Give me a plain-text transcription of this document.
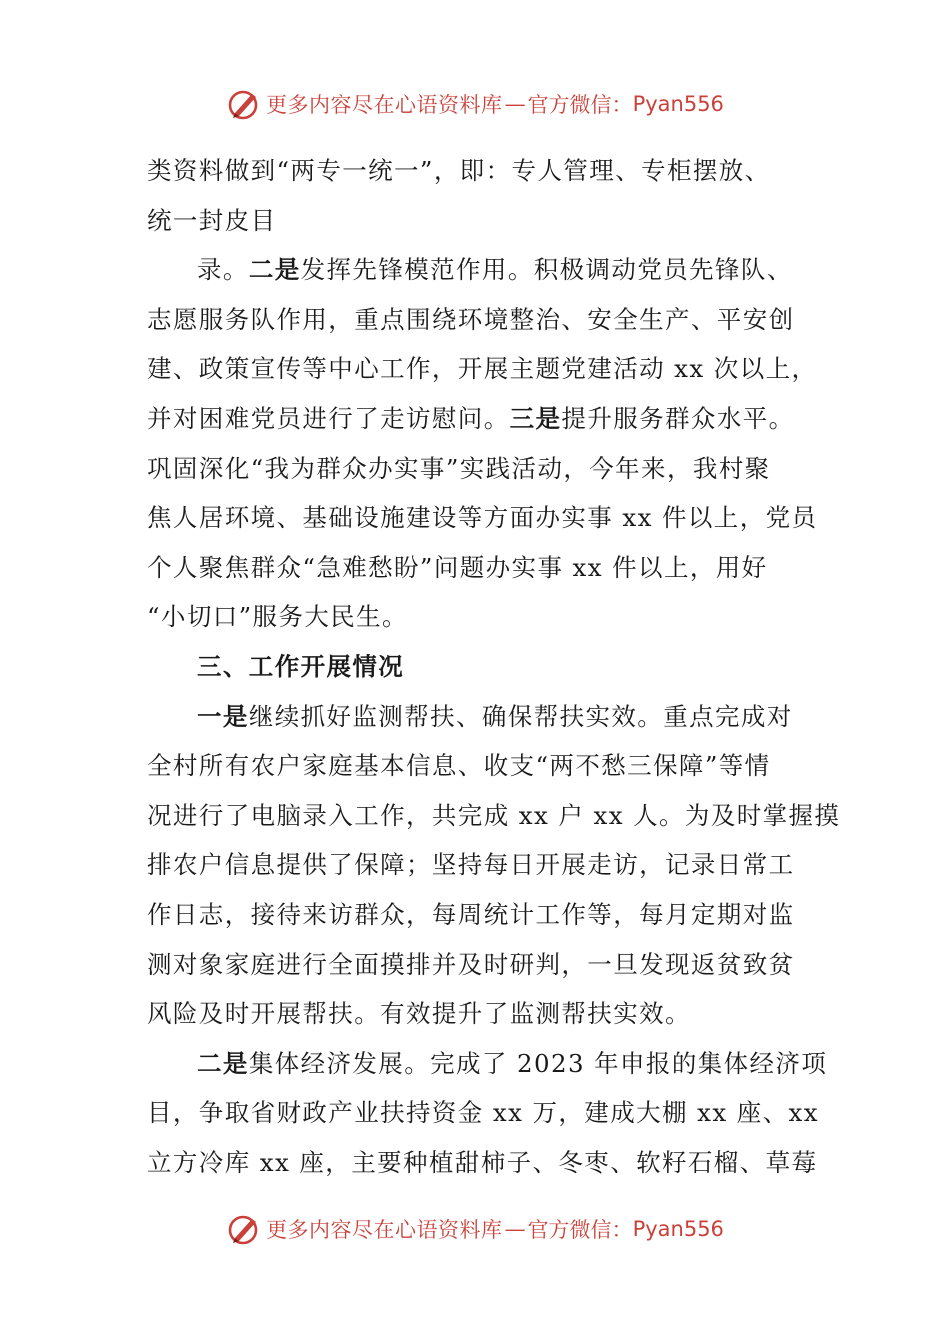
更多内容尽在心语资料库 — 官方微信： Pyan556
类资料做到“两专一统一”，即：专人管理、专柜摆放、
统一封皮目
录。二是发挥先锋模范作用。积极调动党员先锋队、
志愿服务队作用，重点围绕环境整治、安全生产、平安创
建、政策宣传等中心工作，开展主题党建活动 xx 次以上，
并对困难党员进行了走访慰问。三是提升服务群众水平。
巩固深化“我为群众办实事”实践活动，今年来，我村聚
焦人居环境、基础设施建设等方面办实事 xx 件以上，党员
个人聚焦群众“急难愁盼”问题办实事 xx 件以上，用好
“小切口”服务大民生。
三、工作开展情况
一是继续抓好监测帮扶、确保帮扶实效。重点完成对
全村所有农户家庭基本信息、收支“两不愁三保障”等情
况进行了电脑录入工作，共完成 xx 户 xx 人。为及时掌握摸
排农户信息提供了保障；坚持每日开展走访，记录日常工
作日志，接待来访群众，每周统计工作等，每月定期对监
测对象家庭进行全面摸排并及时研判，一旦发现返贫致贫
风险及时开展帮扶。有效提升了监测帮扶实效。
二是集体经济发展。完成了 2023 年申报的集体经济项
目，争取省财政产业扶持资金 xx 万，建成大棚 xx 座、xx
立方冷库 xx 座，主要种植甜柿子、冬枣、软籽石榴、草莓
更多内容尽在心语资料库 — 官方微信： Pyan556
